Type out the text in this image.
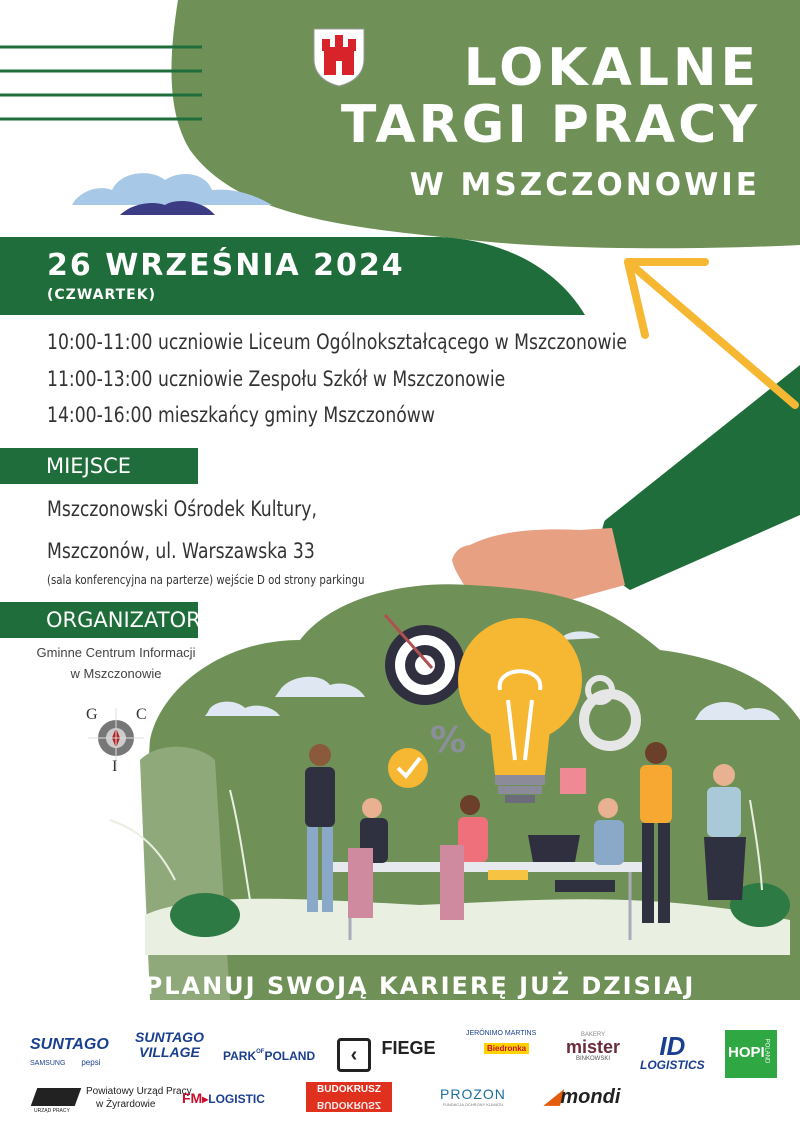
%
LOKALNE
TARGI PRACY
W MSZCZONOWIE
26 WRZEŚNIA 2024
(CZWARTEK)
10:00-11:00 uczniowie Liceum Ogólnokształcącego w Mszczonowie
11:00-13:00 uczniowie Zespołu Szkół w Mszczonowie
14:00-16:00 mieszkańcy gminy Mszczonóww
MIEJSCE
Mszczonowski Ośrodek Kultury,
Mszczonów, ul. Warszawska 33
(sala konferencyjna na parterze) wejście D od strony parkingu
ORGANIZATOR
Gminne Centrum Informacji
w Mszczonowie
G C
I
ZAPLANUJ SWOJĄ KARIERĘ JUŻ DZISIAJ
SUNTAGO
SAMSUNG pepsi
SUNTAGO
VILLAGE	$PARK^{OF}POLAND$	‹ FIEGE
JERÓNIMO MARTINS
Biedronka
BAKERY
mister
BINKOWSKI	ID
LOGISTICS
HOPI
POLAND
URZĄD PRACY
Powiatowy Urząd Pracy
w Żyrardowie FM▸LOGISTIC
BUDOKRUSZ
BUDOKRUSZ
PROZON
FUNDACJA OCHRONY KLIMATU ◢mondi
